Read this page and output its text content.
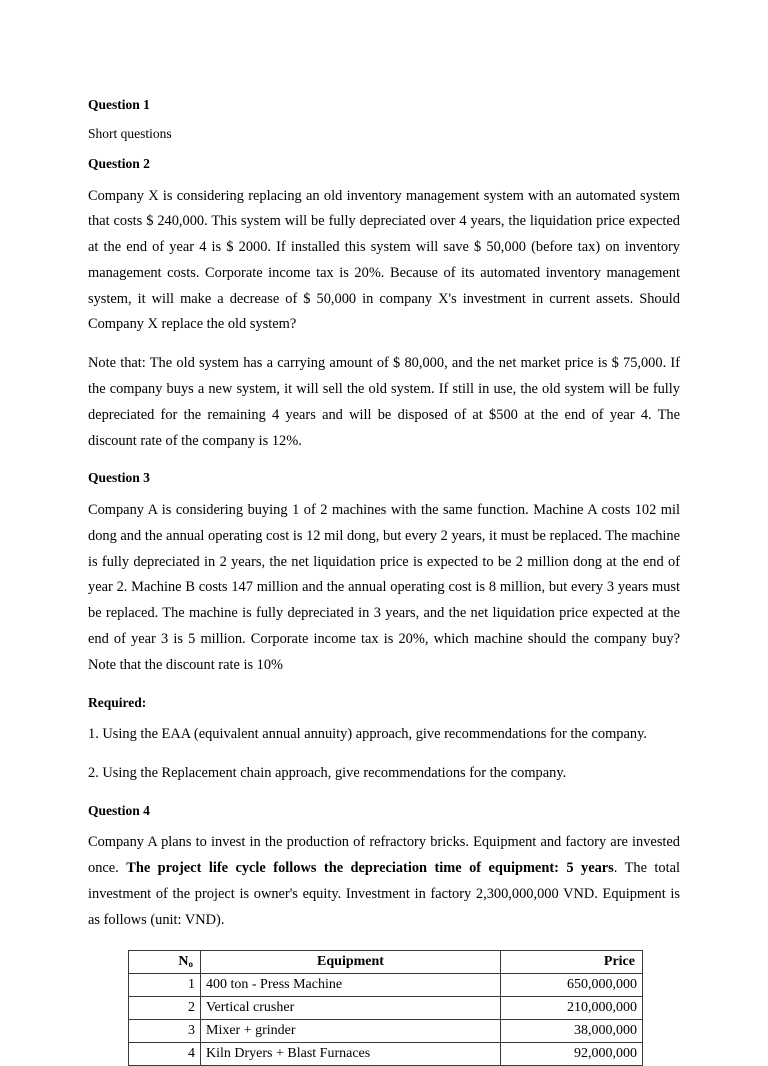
Question 1
Short questions
Question 2

Company X is considering replacing an old inventory management system with an automated system that costs $ 240,000. This system will be fully depreciated over 4 years, the liquidation price expected at the end of year 4 is $ 2000. If installed this system will save $ 50,000 (before tax) on inventory management costs. Corporate income tax is 20%. Because of its automated inventory management system, it will make a decrease of $ 50,000 in company X's investment in current assets. Should Company X replace the old system?

Note that: The old system has a carrying amount of $ 80,000, and the net market price is $ 75,000. If the company buys a new system, it will sell the old system. If still in use, the old system will be fully depreciated for the remaining 4 years and will be disposed of at $500 at the end of year 4. The discount rate of the company is 12%.

Question 3

Company A is considering buying 1 of 2 machines with the same function. Machine A costs 102 mil dong and the annual operating cost is 12 mil dong, but every 2 years, it must be replaced. The machine is fully depreciated in 2 years, the net liquidation price is expected to be 2 million dong at the end of year 2. Machine B costs 147 million and the annual operating cost is 8 million, but every 3 years must be replaced. The machine is fully depreciated in 3 years, and the net liquidation price expected at the end of year 3 is 5 million. Corporate income tax is 20%, which machine should the company buy? Note that the discount rate is 10%

Required:

1. Using the EAA (equivalent annual annuity) approach, give recommendations for the company.

2. Using the Replacement chain approach, give recommendations for the company.

Question 4

Company A plans to invest in the production of refractory bricks. Equipment and factory are invested once. The project life cycle follows the depreciation time of equipment: 5 years. The total investment of the project is owner's equity. Investment in factory 2,300,000,000 VND. Equipment is as follows (unit: VND).

$N_o$	Equipment	Price
1	400 ton - Press Machine	650,000,000
2	Vertical crusher	210,000,000
3	Mixer + grinder	38,000,000
4	Kiln Dryers + Blast Furnaces	92,000,000
